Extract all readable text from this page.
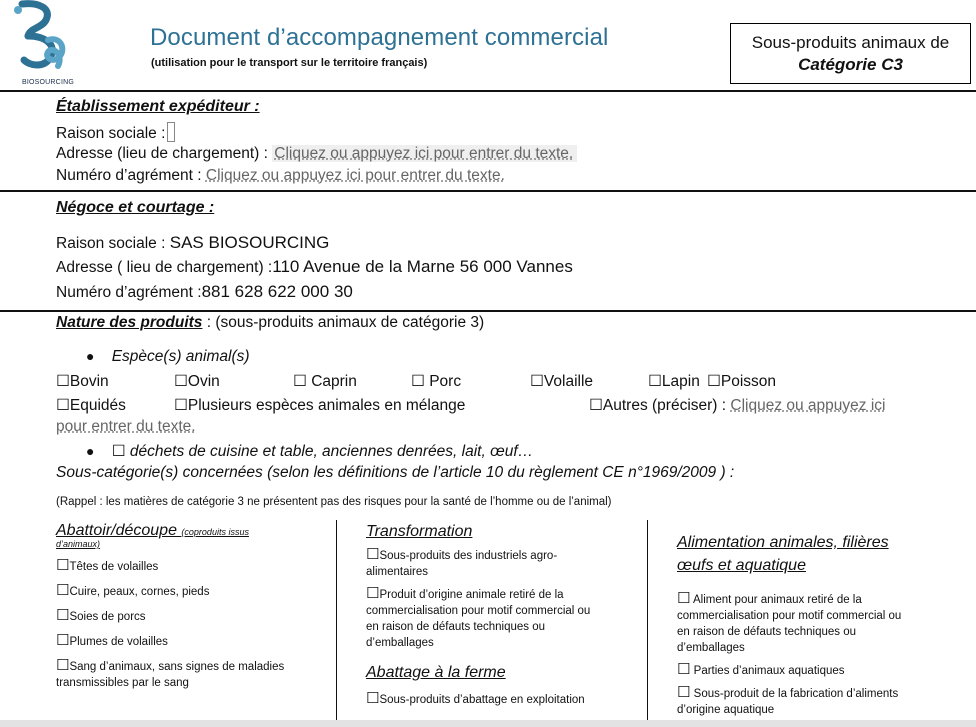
BIOSOURCING
Document d’accompagnement commercial
(utilisation pour le transport sur le territoire français)
Sous-produits animaux de
Catégorie C3
Établissement expéditeur :
Raison sociale :
Adresse (lieu de chargement) : Cliquez ou appuyez ici pour entrer du texte.
Numéro d’agrément : Cliquez ou appuyez ici pour entrer du texte.
Négoce et courtage :
Raison sociale : SAS BIOSOURCING
Adresse ( lieu de chargement) :110 Avenue de la Marne 56 000 Vannes
Numéro d’agrément :881 628 622 000 30
Nature des produits : (sous-produits animaux de catégorie 3)
● Espèce(s) animal(s)
☐Bovin	☐Ovin	☐ Caprin	☐ Porc	☐Volaille	☐Lapin ☐Poisson
☐Equidés	☐Plusieurs espèces animales en mélange	☐Autres (préciser) : Cliquez ou appuyez ici
pour entrer du texte.
● ☐ déchets de cuisine et table, anciennes denrées, lait, œuf…
Sous-catégorie(s) concernées (selon les définitions de l’article 10 du règlement CE n°1969/2009 ) :
(Rappel : les matières de catégorie 3 ne présentent pas des risques pour la santé de l’homme ou de l’animal)
Abattoir/découpe (coproduits issus
d’animaux)
☐Têtes de volailles
☐Cuire, peaux, cornes, pieds
☐Soies de porcs
☐Plumes de volailles
☐Sang d’animaux, sans signes de maladies
transmissibles par le sang
Transformation
☐Sous-produits des industriels agro-
alimentaires
☐Produit d’origine animale retiré de la
commercialisation pour motif commercial ou
en raison de défauts techniques ou
d’emballages
Abattage à la ferme
☐Sous-produits d’abattage en exploitation
Alimentation animales, filières
œufs et aquatique
☐ Aliment pour animaux retiré de la
commercialisation pour motif commercial ou
en raison de défauts techniques ou
d’emballages
☐ Parties d’animaux aquatiques
☐ Sous-produit de la fabrication d’aliments
d’origine aquatique
